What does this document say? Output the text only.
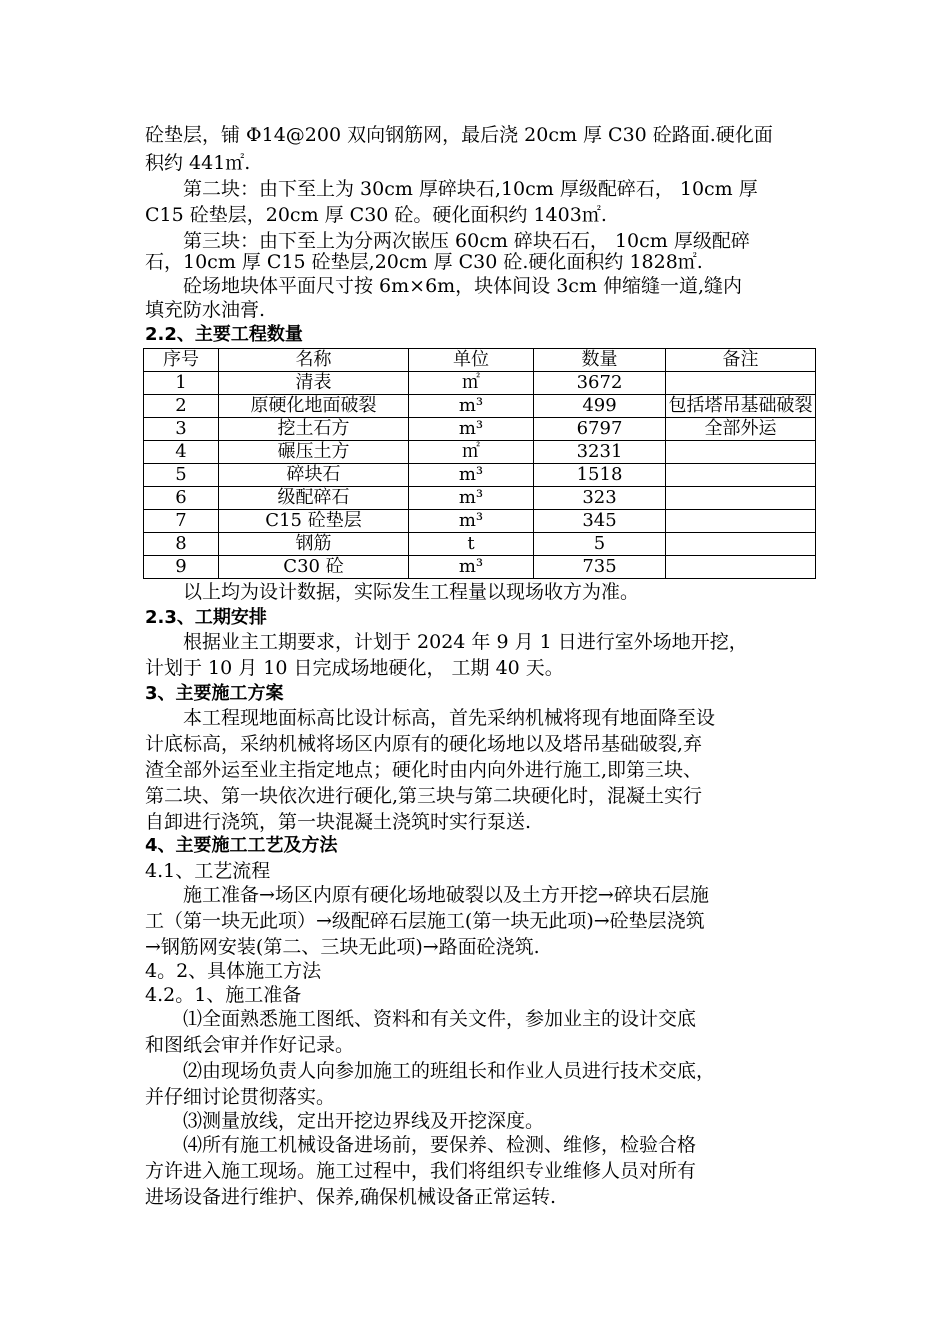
砼垫层，铺 Φ14@200 双向钢筋网，最后浇 20cm 厚 C30 砼路面.硬化面
积约 441㎡.
　　第二块：由下至上为 30cm 厚碎块石,10cm 厚级配碎石， 10cm 厚
C15 砼垫层，20cm 厚 C30 砼。硬化面积约 1403㎡.
　　第三块：由下至上为分两次嵌压 60cm 碎块石石， 10cm 厚级配碎
石，10cm 厚 C15 砼垫层,20cm 厚 C30 砼.硬化面积约 1828㎡.
　　砼场地块体平面尺寸按 6m×6m，块体间设 3cm 伸缩缝一道,缝内
填充防水油膏.
2.2、主要工程数量
序号	名称	单位	数量	备注
1	清表	㎡	3672	
2	原硬化地面破裂	m³	499	包括塔吊基础破裂
3	挖土石方	m³	6797	全部外运
4	碾压土方	㎡	3231	
5	碎块石	m³	1518	
6	级配碎石	m³	323	
7	C15 砼垫层	m³	345	
8	钢筋	t	5	
9	C30 砼	m³	735	
　　以上均为设计数据，实际发生工程量以现场收方为准。
2.3、工期安排
　　根据业主工期要求，计划于 2024 年 9 月 1 日进行室外场地开挖，
计划于 10 月 10 日完成场地硬化， 工期 40 天。
3、主要施工方案
　　本工程现地面标高比设计标高，首先采纳机械将现有地面降至设
计底标高，采纳机械将场区内原有的硬化场地以及塔吊基础破裂,弃
渣全部外运至业主指定地点；硬化时由内向外进行施工,即第三块、
第二块、第一块依次进行硬化,第三块与第二块硬化时，混凝土实行
自卸进行浇筑，第一块混凝土浇筑时实行泵送.
4、主要施工工艺及方法
4.1、工艺流程
　　施工准备→场区内原有硬化场地破裂以及土方开挖→碎块石层施
工（第一块无此项）→级配碎石层施工(第一块无此项)→砼垫层浇筑
→钢筋网安装(第二、三块无此项)→路面砼浇筑.
4。2、具体施工方法
4.2。1、施工准备
　　⑴全面熟悉施工图纸、资料和有关文件，参加业主的设计交底
和图纸会审并作好记录。
　　⑵由现场负责人向参加施工的班组长和作业人员进行技术交底，
并仔细讨论贯彻落实。
　　⑶测量放线，定出开挖边界线及开挖深度。
　　⑷所有施工机械设备进场前，要保养、检测、维修，检验合格
方许进入施工现场。施工过程中，我们将组织专业维修人员对所有
进场设备进行维护、保养,确保机械设备正常运转.
